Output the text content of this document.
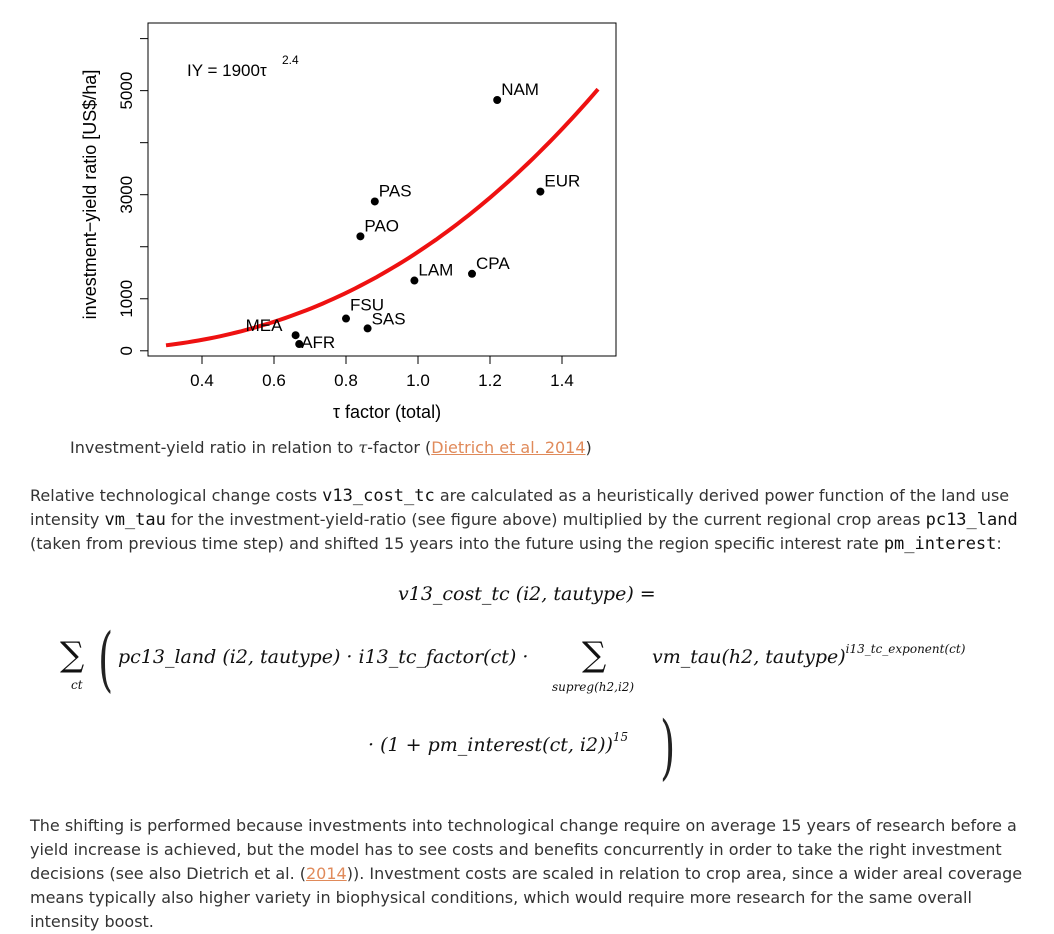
0.4	0.6	0.8	1.0	1.2	1.4
0
1000
3000
5000
τ factor (total)
investment−yield ratio [US$/ha]	IY = 1900τ
2.4
NAM
EUR
PAS
PAO
LAM CPA
FSU
SAS
MEA
AFR
Investment-yield ratio in relation to τ-factor (Dietrich et al. 2014)

Relative technological change costs v13_cost_tc are calculated as a heuristically derived power function of the land use intensity vm_tau for the investment-yield-ratio (see figure above) multiplied by the current regional crop areas pc13_land (taken from previous time step) and shifted 15 years into the future using the region specific interest rate pm_interest:

v13_cost_tc (i2, tautype) =
∑
ct ( pc13_land (i2, tautype) · i13_tc_factor(ct) · ∑
supreg(h2,i2)
vm_tau(h2, tautype)$^{i13\_tc\_exponent(ct)}$
· (1 + pm_interest(ct, i2))$^{15}$ )

The shifting is performed because investments into technological change require on average 15 years of research before a yield increase is achieved, but the model has to see costs and benefits concurrently in order to take the right investment decisions (see also Dietrich et al. (2014)). Investment costs are scaled in relation to crop area, since a wider areal coverage means typically also higher variety in biophysical conditions, which would require more research for the same overall intensity boost.
